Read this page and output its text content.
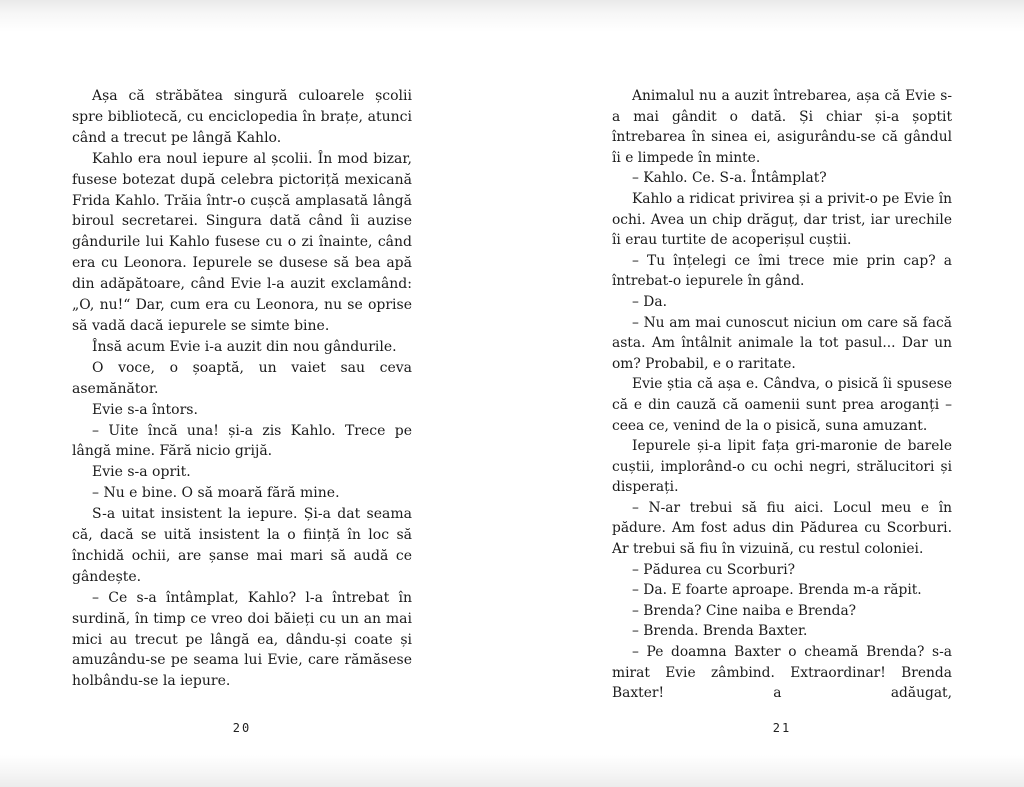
Așa că străbătea singură culoarele școlii spre bibliotecă, cu enciclopedia în brațe, atunci când a trecut pe lângă Kahlo.

Kahlo era noul iepure al școlii. În mod bizar, fusese botezat după celebra pictoriță mexicană Frida Kahlo. Trăia într-o cușcă amplasată lângă biroul secretarei. Singura dată când îi auzise gândurile lui Kahlo fusese cu o zi înainte, când era cu Leonora. Iepurele se dusese să bea apă din adăpătoare, când Evie l-a auzit exclamând: „O, nu!“ Dar, cum era cu Leonora, nu se oprise să vadă dacă iepurele se simte bine.

Însă acum Evie i-a auzit din nou gândurile.

O voce, o șoaptă, un vaiet sau ceva asemănător.

Evie s-a întors.

– Uite încă una! și-a zis Kahlo. Trece pe lângă mine. Fără nicio grijă.

Evie s-a oprit.

– Nu e bine. O să moară fără mine.

S-a uitat insistent la iepure. Și-a dat seama că, dacă se uită insistent la o ființă în loc să închidă ochii, are șanse mai mari să audă ce gândește.

– Ce s-a întâmplat, Kahlo? l-a întrebat în surdină, în timp ce vreo doi băieți cu un an mai mici au trecut pe lângă ea, dându-și coate și amuzându-se pe seama lui Evie, care rămăsese holbându-se la iepure.

20

Animalul nu a auzit întrebarea, așa că Evie s-a mai gândit o dată. Și chiar și-a șoptit întrebarea în sinea ei, asigurându-se că gândul îi e limpede în minte.

– Kahlo. Ce. S-a. Întâmplat?

Kahlo a ridicat privirea și a privit-o pe Evie în ochi. Avea un chip drăguț, dar trist, iar urechile îi erau turtite de acoperișul cuștii.

– Tu înțelegi ce îmi trece mie prin cap? a întrebat-o iepurele în gând.

– Da.

– Nu am mai cunoscut niciun om care să facă asta. Am întâlnit animale la tot pasul... Dar un om? Probabil, e o raritate.

Evie știa că așa e. Cândva, o pisică îi spusese că e din cauză că oamenii sunt prea aroganți – ceea ce, venind de la o pisică, suna amuzant.

Iepurele și-a lipit fața gri-maronie de barele cuștii, implorând-o cu ochi negri, strălucitori și disperați.

– N-ar trebui să fiu aici. Locul meu e în pădure. Am fost adus din Pădurea cu Scorburi. Ar trebui să fiu în vizuină, cu restul coloniei.

– Pădurea cu Scorburi?

– Da. E foarte aproape. Brenda m-a răpit.

– Brenda? Cine naiba e Brenda?

– Brenda. Brenda Baxter.

– Pe doamna Baxter o cheamă Brenda? s-a mirat Evie zâmbind. Extraordinar! Brenda Baxter! a adăugat,

21
